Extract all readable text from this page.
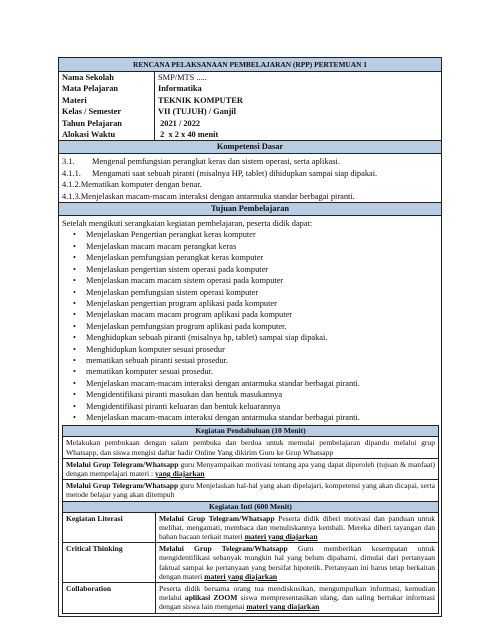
RENCANA PELAKSANAAN PEMBELAJARAN (RPP) PERTEMUAN 1
Nama Sekolah	SMP/MTS .....
Mata Pelajaran	Informatika
Materi	TEKNIK KOMPUTER
Kelas / Semester	VII (TUJUH) / Ganjil
Tahun Pelajaran	2021 / 2022
Alokasi Waktu	2  x 2 x 40 menit
Kompetensi Dasar
3.1. Mengenal pemfungsian perangkat keras dan sistem operasi, serta aplikasi.
4.1.1. Mengamati saat sebuah piranti (misalnya HP, tablet) dihidupkan sampai siap dipakai.
4.1.2.Mematikan komputer dengan benar.
4.1.3.Menjelaskan macam-macam interaksi dengan antarmuka standar berbagai piranti.
Tujuan Pembelajaran
Setelah mengikuti serangkaian kegiatan pembelajaran, peserta didik dapat:
• Menjelaskan Pengertian perangkat keras komputer
• Menjelaskan macam macam perangkat keras
• Menjelaskan pemfungsian perangkat keras komputer
• Menjelaskan pengertian sistem operasi pada komputer
• Menjelaskan macam macam sistem operasi pada komputer
• Menjelaskan pemfungsian sistem operasi komputer
• Menjelaskan pengertian program aplikasi pada komputer
• Menjelaskan macam macam program aplikasi pada komputer
• Menjelaskan pemfungsian program aplikasi pada komputer.
• Menghidupkan sebuah piranti (misalnya hp, tablet) sampai siap dipakai.
• Menghidupkan komputer sesuai prosedur
• mematikan sebuah piranti sesuai prosedur.
• mematikan komputer sesuai prosedur.
• Menjelaskan macam-macam interaksi dengan antarmuka standar berbagai piranti.
• Mengidentifikasi piranti masukan dan bentuk masukannya
• Mengidentifikasi piranti keluaran dan bentuk keluarannya
• Menjelaskan macam-macam interaksi dengan antarmuka standar berbagai piranti.
Kegiatan Pendahuluan (10 Menit)
Melakukan pembukaan dengan salam pembuka dan berdoa untuk memulai pembelajaran dipandu melalui grup Whatsapp, dan siswa mengisi daftar hadir Online Yang dikirim Guru ke Grup Whatsapp
Melalui Grup Telegram/Whatsapp guru Menyampaikan motivasi tentang apa yang dapat diperoleh (tujuan & manfaat) dengan mempelajari materi : yang diajarkan
Melalui Grup Telegram/Whatsapp guru Menjelaskan hal-hal yang akan dipelajari, kompetensi yang akan dicapai, serta metode belajar yang akan ditempuh
Kegiatan Inti (600 Menit)
Kegiatan Literasi	Melalui Grup Telegram/Whatsapp Peserta didik diberi motivasi dan panduan untuk melihat, mengamati, membaca dan menuliskannya kembali. Mereka diberi tayangan dan bahan bacaan terkait materi materi yang diajarkan
Critical Thinking	Melalui Grup Telegram/Whatsapp Guru memberikan kesempatan untuk mengidentifikasi sebanyak mungkin hal yang belum dipahami, dimulai dari pertanyaan faktual sampai ke pertanyaan yang bersifat hipotetik. Pertanyaan ini harus tetap berkaitan dengan materi materi yang diajarkan
Collaboration	Peserta didik bersama orang tua mendiskusikan, mengumpulkan informasi, kemudian melalui aplikasi ZOOM siswa mempresentasikan ulang, dan saling bertukar informasi dengan siswa lain mengenai materi yang diajarkan
